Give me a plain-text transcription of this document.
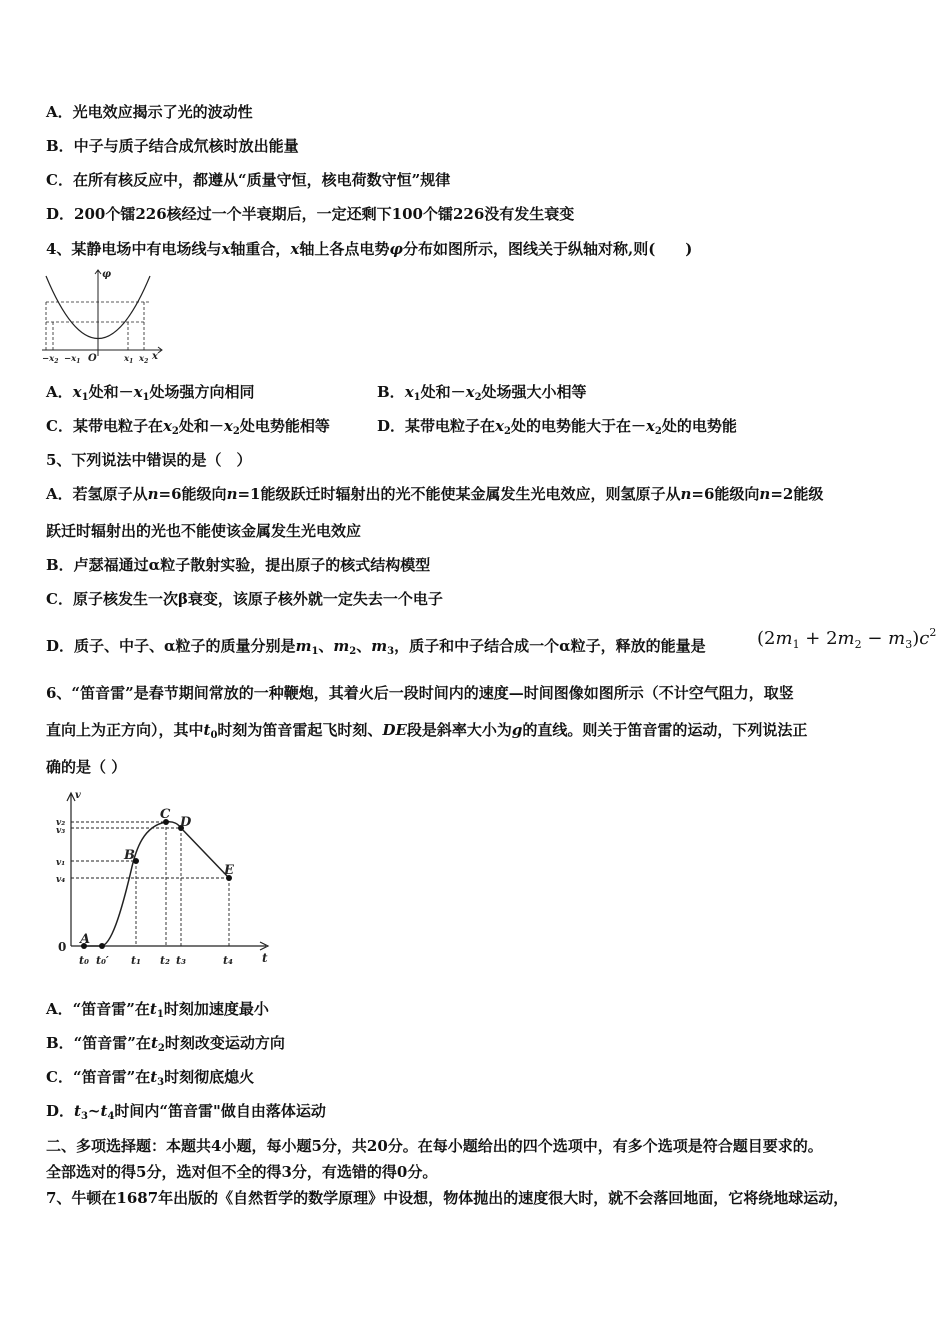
A．光电效应揭示了光的波动性
B．中子与质子结合成氘核时放出能量
C．在所有核反应中，都遵从“质量守恒，核电荷数守恒”规律
D．200个镭226核经过一个半衰期后，一定还剩下100个镭226没有发生衰变
4、某静电场中有电场线与x轴重合，x轴上各点电势φ分布如图所示，图线关于纵轴对称,则(　　)
φ
x
O
$-x_2 -x_1$	$x_1$ $x_2$
A．$x_1$处和$-x_1$处场强方向相同	B．$x_1$处和$-x_2$处场强大小相等
C．某带电粒子在$x_2$处和$-x_2$处电势能相等	D．某带电粒子在$x_2$处的电势能大于在$-x_2$处的电势能
5、下列说法中错误的是（　）
A．若氢原子从n=6能级向n=1能级跃迁时辐射出的光不能使某金属发生光电效应，则氢原子从n=6能级向n=2能级
跃迁时辐射出的光也不能使该金属发生光电效应
B．卢瑟福通过α粒子散射实验，提出原子的核式结构模型
C．原子核发生一次β衰变，该原子核外就一定失去一个电子
D．质子、中子、α粒子的质量分别是$m_1$、$m_2$、$m_3$，质子和中子结合成一个α粒子，释放的能量是	$(2m_1 + 2m_2 - m_3)c^2$
6、“笛音雷”是春节期间常放的一种鞭炮，其着火后一段时间内的速度—时间图像如图所示（不计空气阻力，取竖
直向上为正方向），其中$t_0$时刻为笛音雷起飞时刻、DE段是斜率大小为g的直线。则关于笛音雷的运动，下列说法正
确的是（ ）
v
v₂
v₃
v₁
v₄
0
t
A
B
C
D
E
t₀ t₀′ t₁ t₂ t₃	t₄
A．“笛音雷”在$t_1$时刻加速度最小
B．“笛音雷”在$t_2$时刻改变运动方向
C．“笛音雷”在$t_3$时刻彻底熄火
D．$t_3\sim t_4$时间内“笛音雷"做自由落体运动
二、多项选择题：本题共4小题，每小题5分，共20分。在每小题给出的四个选项中，有多个选项是符合题目要求的。
全部选对的得5分，选对但不全的得3分，有选错的得0分。
7、牛顿在1687年出版的《自然哲学的数学原理》中设想，物体抛出的速度很大时，就不会落回地面，它将绕地球运动，
